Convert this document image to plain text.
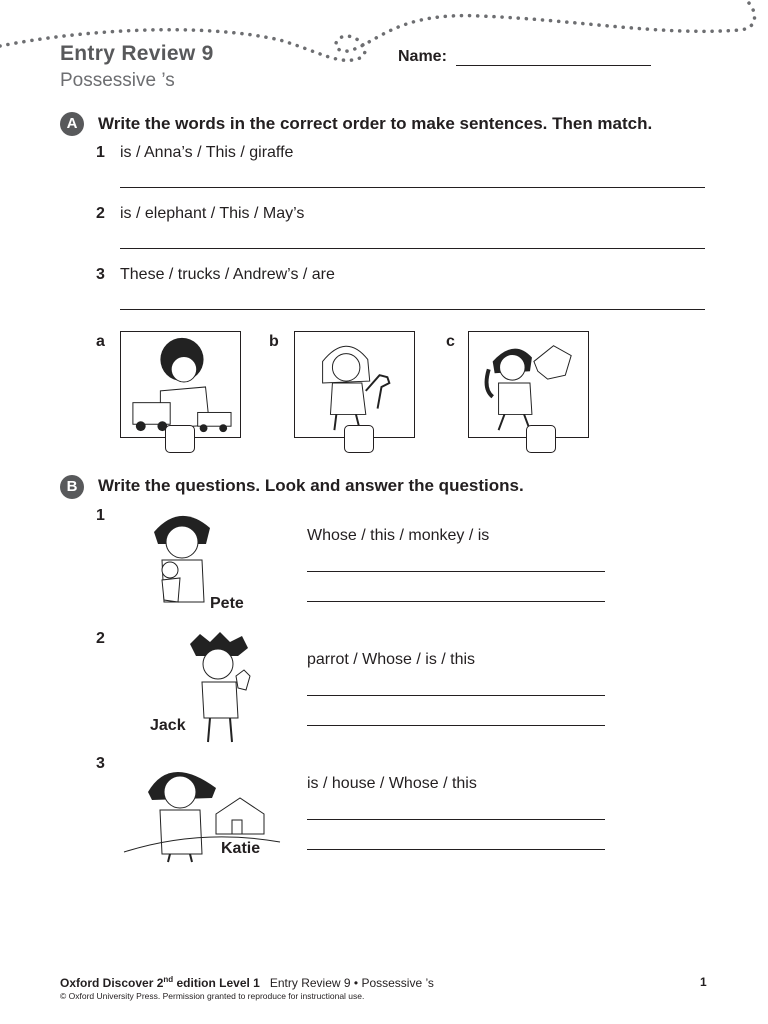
Entry Review 9
Possessive ’s
Name:
A	Write the words in the correct order to make sentences. Then match.
1 is / Anna’s / This / giraffe
2 is / elephant / This / May’s
3 These / trucks / Andrew’s / are
a	b	c
B	Write the questions. Look and answer the questions.
1
Pete
Whose / this / monkey / is
2
Jack
parrot / Whose / is / this
3
Katie
is / house / Whose / this
Oxford Discover 2nd edition Level 1 Entry Review 9 • Possessive ’s	1
© Oxford University Press. Permission granted to reproduce for instructional use.
